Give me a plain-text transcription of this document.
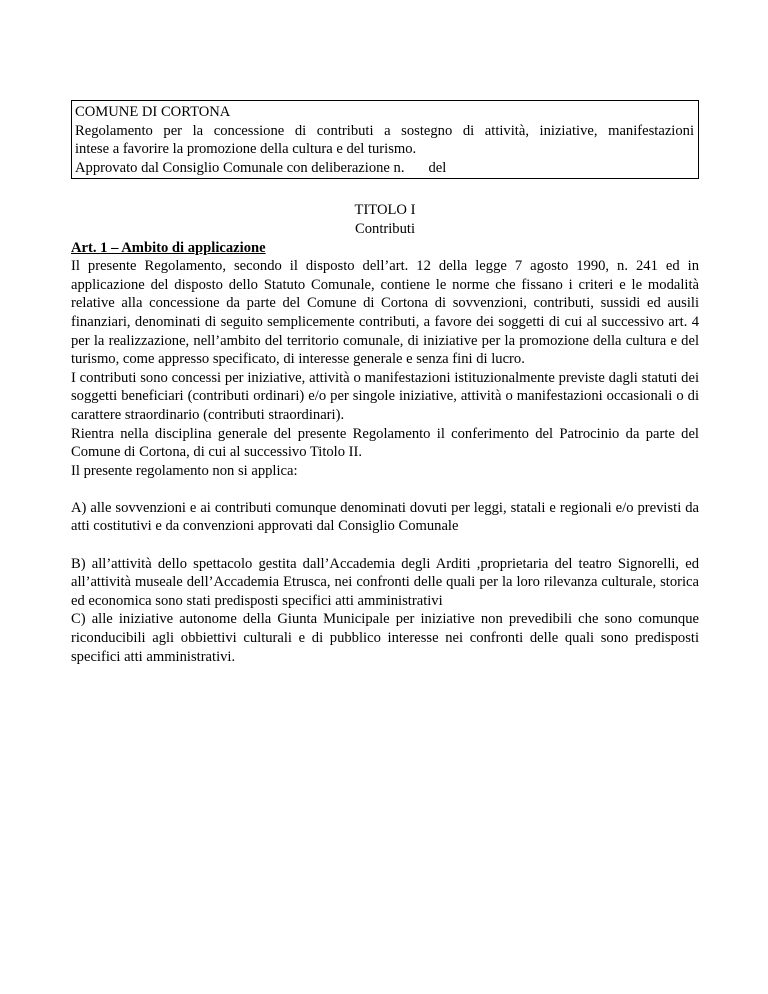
COMUNE DI CORTONA
Regolamento per la concessione di contributi a sostegno di attività, iniziative, manifestazioni
intese a favorire la promozione della cultura e del turismo.
Approvato dal Consiglio Comunale con deliberazione n. del
TITOLO I
Contributi
Art. 1 – Ambito di applicazione

Il presente Regolamento, secondo il disposto dell’art. 12 della legge 7 agosto 1990, n. 241 ed in applicazione del disposto dello Statuto Comunale, contiene le norme che fissano i criteri e le modalità relative alla concessione da parte del Comune di Cortona di sovvenzioni, contributi, sussidi ed ausili finanziari, denominati di seguito semplicemente contributi, a favore dei soggetti di cui al successivo art. 4 per la realizzazione, nell’ambito del territorio comunale, di iniziative per la promozione della cultura e del turismo, come appresso specificato, di interesse generale e senza fini di lucro.

I contributi sono concessi per iniziative, attività o manifestazioni istituzionalmente previste dagli statuti dei soggetti beneficiari (contributi ordinari) e/o per singole iniziative, attività o manifestazioni occasionali o di carattere straordinario (contributi straordinari).

Rientra nella disciplina generale del presente Regolamento il conferimento del Patrocinio da parte del Comune di Cortona, di cui al successivo Titolo II.

Il presente regolamento non si applica:

A) alle sovvenzioni e ai contributi comunque denominati dovuti per leggi, statali e regionali e/o previsti da atti costitutivi e da convenzioni approvati dal Consiglio Comunale

B) all’attività dello spettacolo gestita dall’Accademia degli Arditi ,proprietaria del teatro Signorelli, ed all’attività museale dell’Accademia Etrusca, nei confronti delle quali per la loro rilevanza culturale, storica ed economica sono stati predisposti specifici atti amministrativi

C) alle iniziative autonome della Giunta Municipale per iniziative non prevedibili che sono comunque riconducibili agli obbiettivi culturali e di pubblico interesse nei confronti delle quali sono predisposti specifici atti amministrativi.
